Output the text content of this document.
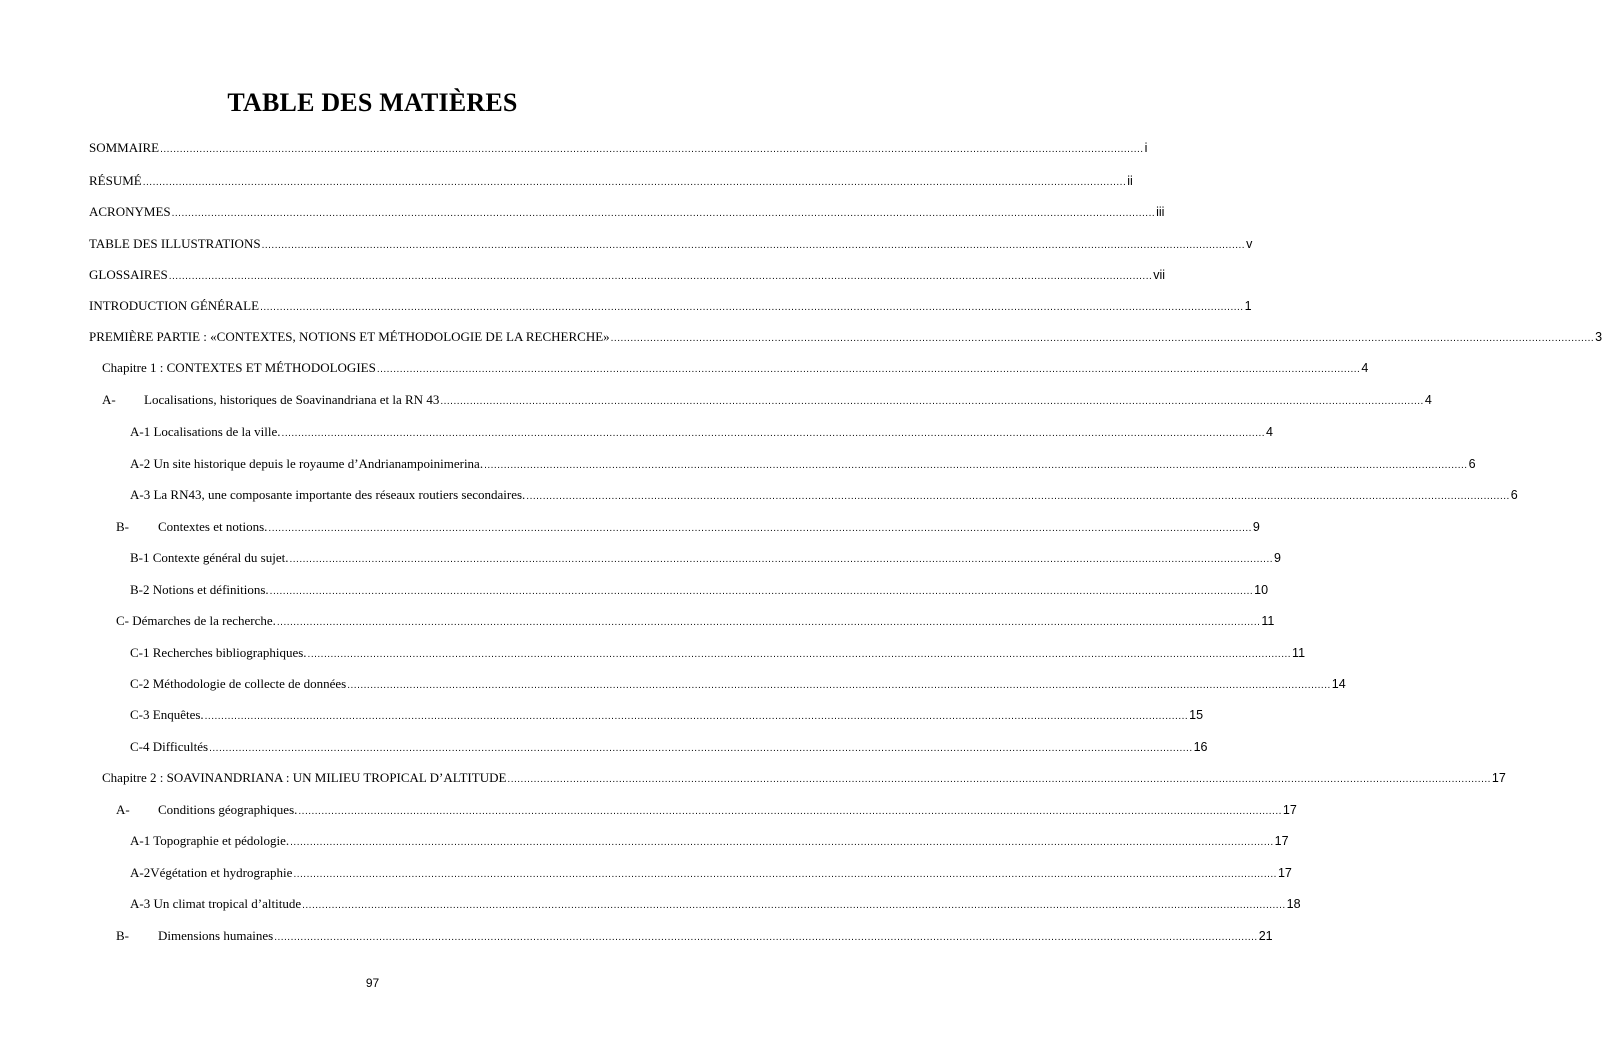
TABLE DES MATIÈRES
SOMMAIRE ............................................................................................................................................................................................................................................................................................................ i
RÉSUMÉ ............................................................................................................................................................................................................................................................................................................ ii
ACRONYMES ............................................................................................................................................................................................................................................................................................................ iii
TABLE DES ILLUSTRATIONS ............................................................................................................................................................................................................................................................................................................ v
GLOSSAIRES ............................................................................................................................................................................................................................................................................................................ vii
INTRODUCTION GÉNÉRALE ............................................................................................................................................................................................................................................................................................................ 1
PREMIÈRE PARTIE : «CONTEXTES, NOTIONS ET MÉTHODOLOGIE DE LA RECHERCHE» ............................................................................................................................................................................................................................................................................................................ 3
Chapitre 1 : CONTEXTES ET MÉTHODOLOGIES ............................................................................................................................................................................................................................................................................................................ 4
A- Localisations, historiques de Soavinandriana et la RN 43 ............................................................................................................................................................................................................................................................................................................ 4
A-1 Localisations de la ville. ............................................................................................................................................................................................................................................................................................................ 4
A-2 Un site historique depuis le royaume d’Andrianampoinimerina. ............................................................................................................................................................................................................................................................................................................ 6
A-3 La RN43, une composante importante des réseaux routiers secondaires. ............................................................................................................................................................................................................................................................................................................ 6
B- Contextes et notions. ............................................................................................................................................................................................................................................................................................................ 9
B-1 Contexte général du sujet. ............................................................................................................................................................................................................................................................................................................ 9
B-2 Notions et définitions. ............................................................................................................................................................................................................................................................................................................ 10
C- Démarches de la recherche. ............................................................................................................................................................................................................................................................................................................ 11
C-1 Recherches bibliographiques. ............................................................................................................................................................................................................................................................................................................ 11
C-2 Méthodologie de collecte de données ............................................................................................................................................................................................................................................................................................................ 14
C-3 Enquêtes. ............................................................................................................................................................................................................................................................................................................ 15
C-4 Difficultés ............................................................................................................................................................................................................................................................................................................ 16
Chapitre 2 : SOAVINANDRIANA : UN MILIEU TROPICAL D’ALTITUDE ............................................................................................................................................................................................................................................................................................................ 17
A- Conditions géographiques. ............................................................................................................................................................................................................................................................................................................ 17
A-1 Topographie et pédologie. ............................................................................................................................................................................................................................................................................................................ 17
A-2Végétation et hydrographie ............................................................................................................................................................................................................................................................................................................ 17
A-3 Un climat tropical d’altitude ............................................................................................................................................................................................................................................................................................................ 18
B- Dimensions humaines ............................................................................................................................................................................................................................................................................................................ 21
97
